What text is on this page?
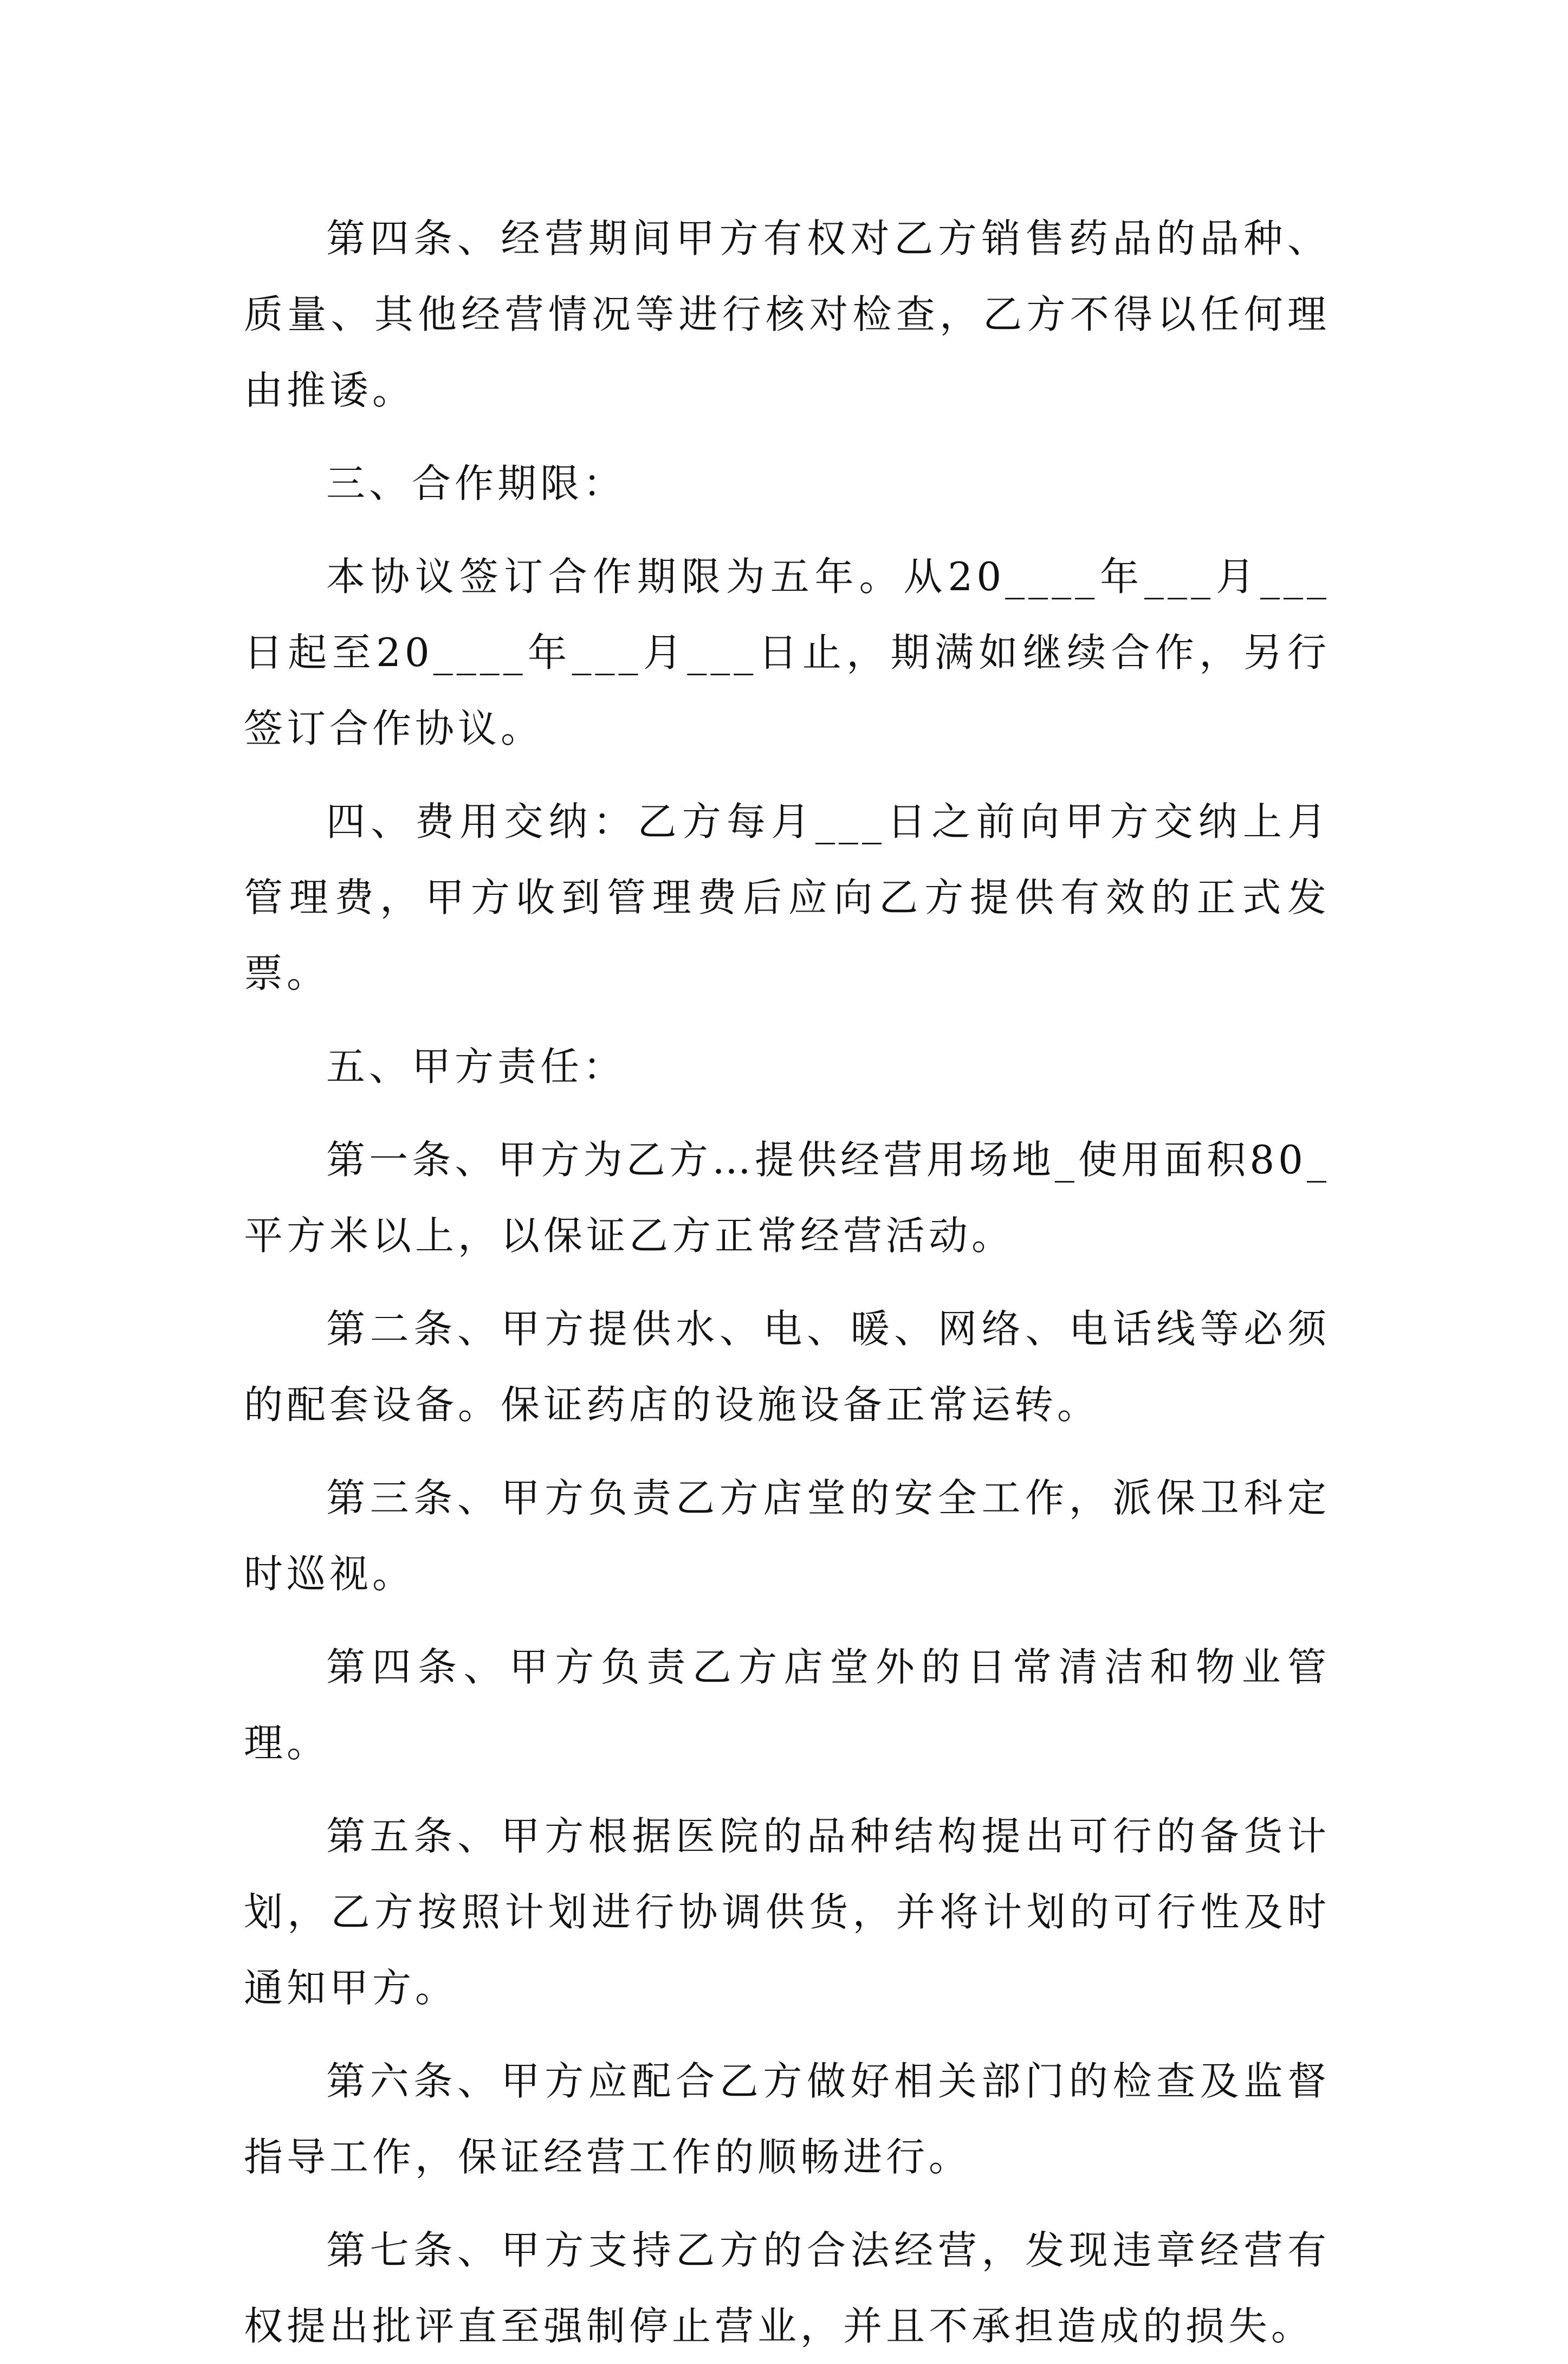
第四条、经营期间甲方有权对乙方销售药品的品种、质量、其他经营情况等进行核对检查，乙方不得以任何理由推诿。

三、合作期限：

本协议签订合作期限为五年。从20____年___月___日起至20____年___月___日止，期满如继续合作，另行签订合作协议。

四、费用交纳：乙方每月___日之前向甲方交纳上月管理费，甲方收到管理费后应向乙方提供有效的正式发票。

五、甲方责任：

第一条、甲方为乙方…提供经营用场地_使用面积80_平方米以上，以保证乙方正常经营活动。

第二条、甲方提供水、电、暖、网络、电话线等必须的配套设备。保证药店的设施设备正常运转。

第三条、甲方负责乙方店堂的安全工作，派保卫科定时巡视。

第四条、甲方负责乙方店堂外的日常清洁和物业管理。

第五条、甲方根据医院的品种结构提出可行的备货计划，乙方按照计划进行协调供货，并将计划的可行性及时通知甲方。

第六条、甲方应配合乙方做好相关部门的检查及监督指导工作，保证经营工作的顺畅进行。

第七条、甲方支持乙方的合法经营，发现违章经营有权提出批评直至强制停止营业，并且不承担造成的损失。
